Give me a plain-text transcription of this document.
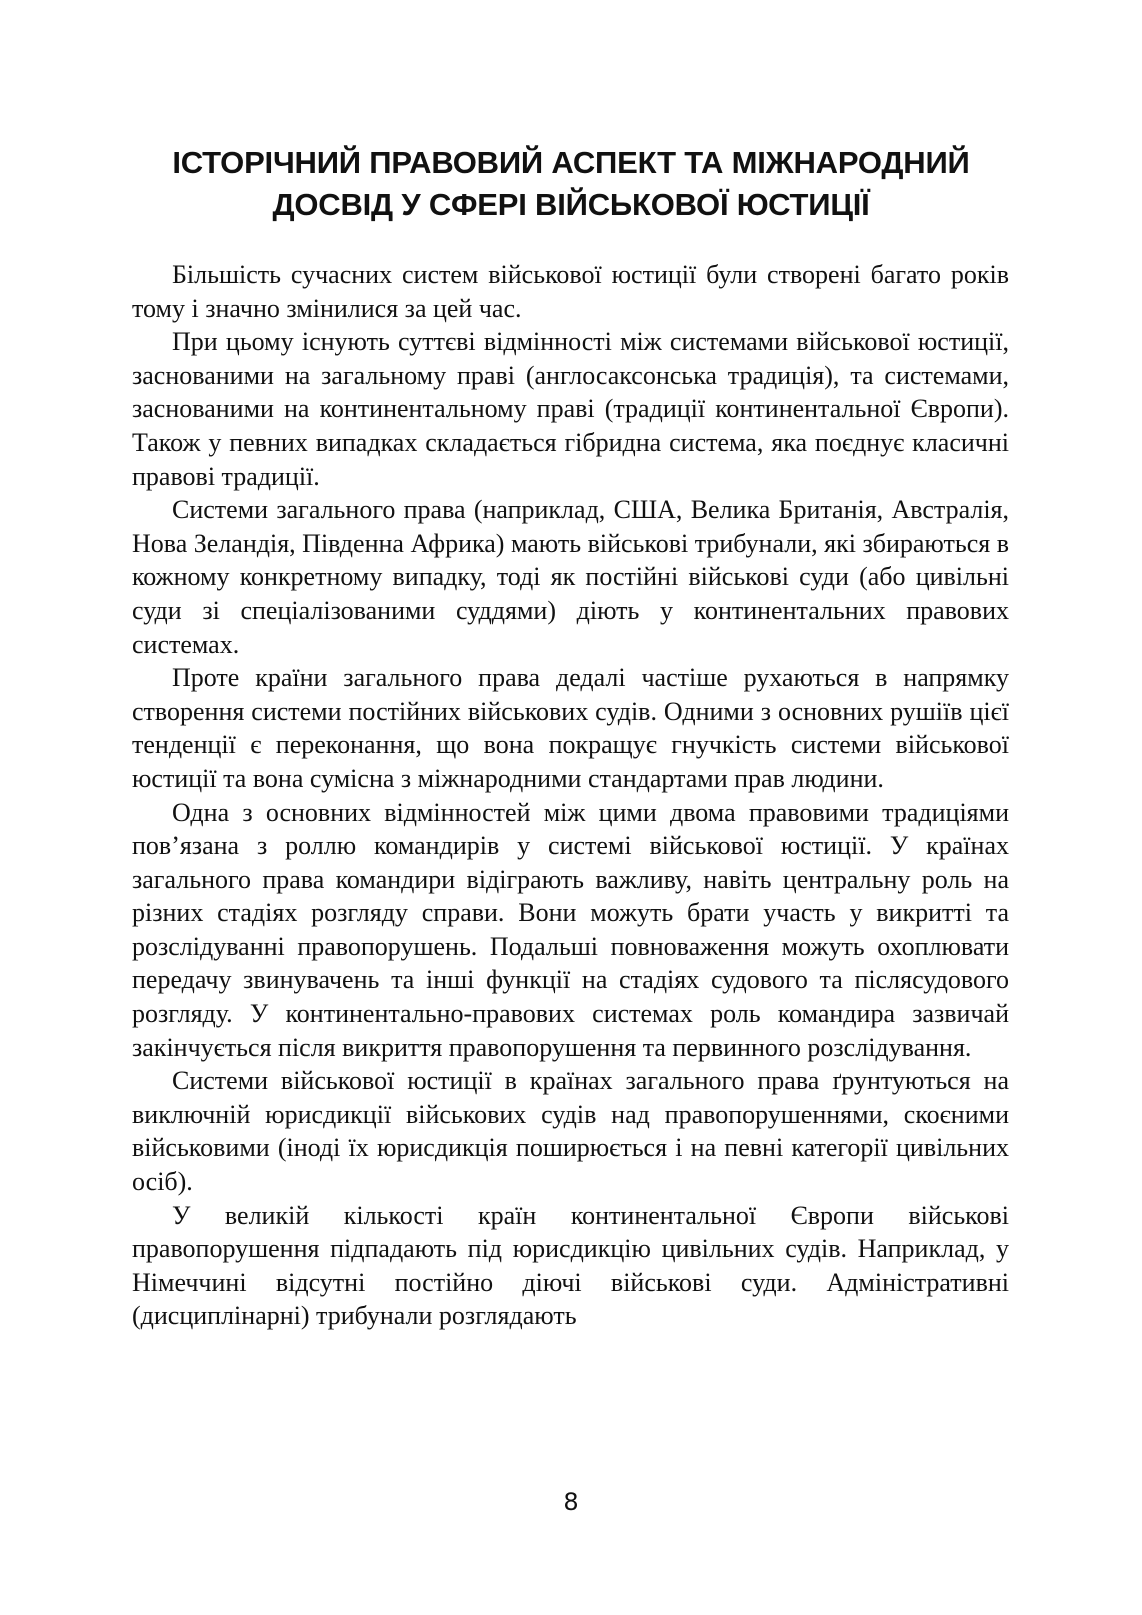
ІСТОРІЧНИЙ ПРАВОВИЙ АСПЕКТ ТА МІЖНАРОДНИЙ
ДОСВІД У СФЕРІ ВІЙСЬКОВОЇ ЮСТИЦІЇ

Більшість сучасних систем військової юстиції були створені багато років тому і значно змінилися за цей час.

При цьому існують суттєві відмінності між системами військової юстиції, заснованими на загальному праві (англосаксонська традиція), та системами, заснованими на континентальному праві (традиції континентальної Європи). Також у певних випадках складається гібридна система, яка поєднує класичні правові традиції.

Системи загального права (наприклад, США, Велика Британія, Австралія, Нова Зеландія, Південна Африка) мають військові трибунали, які збираються в кожному конкретному випадку, тоді як постійні військові суди (або цивільні суди зі спеціалізованими суддями) діють у континентальних правових системах.

Проте країни загального права дедалі частіше рухаються в напрямку створення системи постійних військових судів. Одними з основних рушіїв цієї тенденції є переконання, що вона покращує гнучкість системи військової юстиції та вона сумісна з міжнародними стандартами прав людини.

Одна з основних відмінностей між цими двома правовими традиціями пов’язана з роллю командирів у системі військової юстиції. У країнах загального права командири відіграють важливу, навіть центральну роль на різних стадіях розгляду справи. Вони можуть брати участь у викритті та розслідуванні правопорушень. Подальші повноваження можуть охоплювати передачу звинувачень та інші функції на стадіях судового та післясудового розгляду. У континентально-правових системах роль командира зазвичай закінчується після викриття правопорушення та первинного розслідування.

Системи військової юстиції в країнах загального права ґрунтуються на виключній юрисдикції військових судів над правопорушеннями, скоєними військовими (іноді їх юрисдикція поширюється і на певні категорії цивільних осіб).

У великій кількості країн континентальної Європи військові правопорушення підпадають під юрисдикцію цивільних судів. Наприклад, у Німеччині відсутні постійно діючі військові суди. Адміністративні (дисциплінарні) трибунали розглядають

8
